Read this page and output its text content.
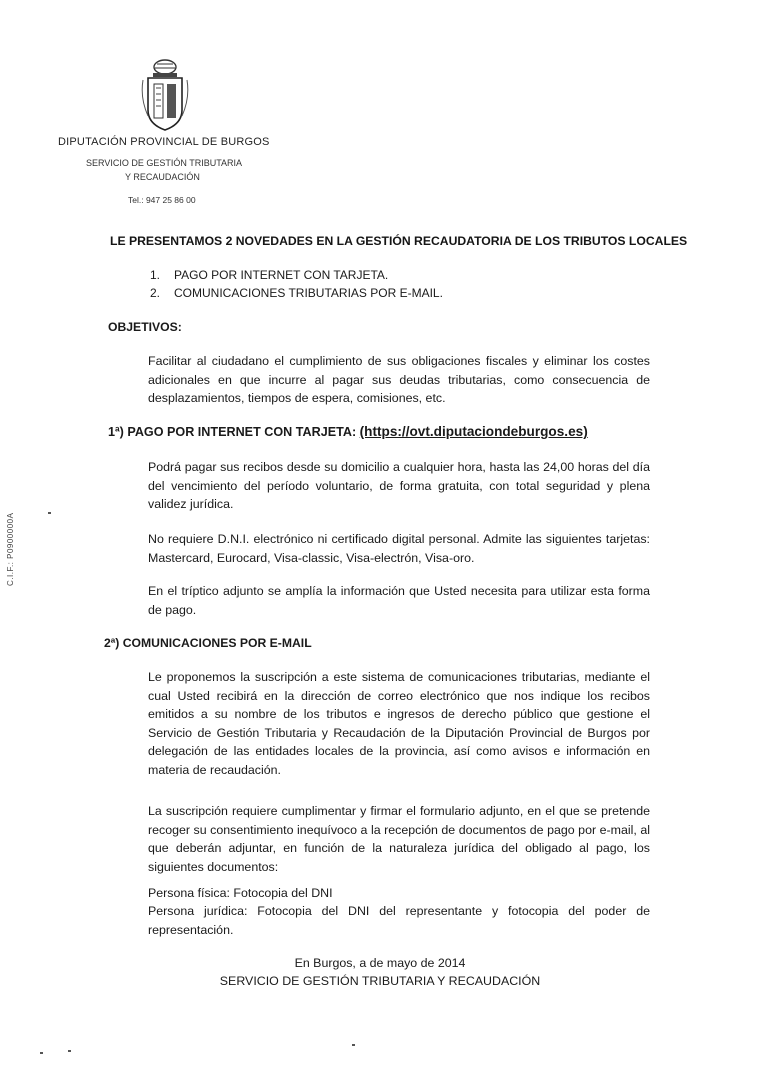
DIPUTACIÓN PROVINCIAL DE BURGOS
SERVICIO DE GESTIÓN TRIBUTARIA
Y RECAUDACIÓN
Tel.: 947 25 86 00
C.I.F.: P0900000A
LE PRESENTAMOS 2 NOVEDADES EN LA GESTIÓN RECAUDATORIA DE LOS TRIBUTOS LOCALES
1.	PAGO POR INTERNET CON TARJETA.
2.	COMUNICACIONES TRIBUTARIAS POR E-MAIL.
OBJETIVOS:

Facilitar al ciudadano el cumplimiento de sus obligaciones fiscales y eliminar los costes adicionales en que incurre al pagar sus deudas tributarias, como consecuencia de desplazamientos, tiempos de espera, comisiones, etc.

1ª) PAGO POR INTERNET CON TARJETA: (https://ovt.diputaciondeburgos.es)

Podrá pagar sus recibos desde su domicilio a cualquier hora, hasta las 24,00 horas del día del vencimiento del período voluntario, de forma gratuita, con total seguridad y plena validez jurídica.

No requiere D.N.I. electrónico ni certificado digital personal. Admite las siguientes tarjetas: Mastercard, Eurocard, Visa-classic, Visa-electrón, Visa-oro.

En el tríptico adjunto se amplía la información que Usted necesita para utilizar esta forma de pago.

2ª) COMUNICACIONES POR E-MAIL

Le proponemos la suscripción a este sistema de comunicaciones tributarias, mediante el cual Usted recibirá en la dirección de correo electrónico que nos indique los recibos emitidos a su nombre de los tributos e ingresos de derecho público que gestione el Servicio de Gestión Tributaria y Recaudación de la Diputación Provincial de Burgos por delegación de las entidades locales de la provincia, así como avisos e información en materia de recaudación.

La suscripción requiere cumplimentar y firmar el formulario adjunto, en el que se pretende recoger su consentimiento inequívoco a la recepción de documentos de pago por e-mail, al que deberán adjuntar, en función de la naturaleza jurídica del obligado al pago, los siguientes documentos:

Persona física: Fotocopia del DNI

Persona jurídica: Fotocopia del DNI del representante y fotocopia del poder de representación.

En Burgos, a de mayo de 2014
SERVICIO DE GESTIÓN TRIBUTARIA Y RECAUDACIÓN
